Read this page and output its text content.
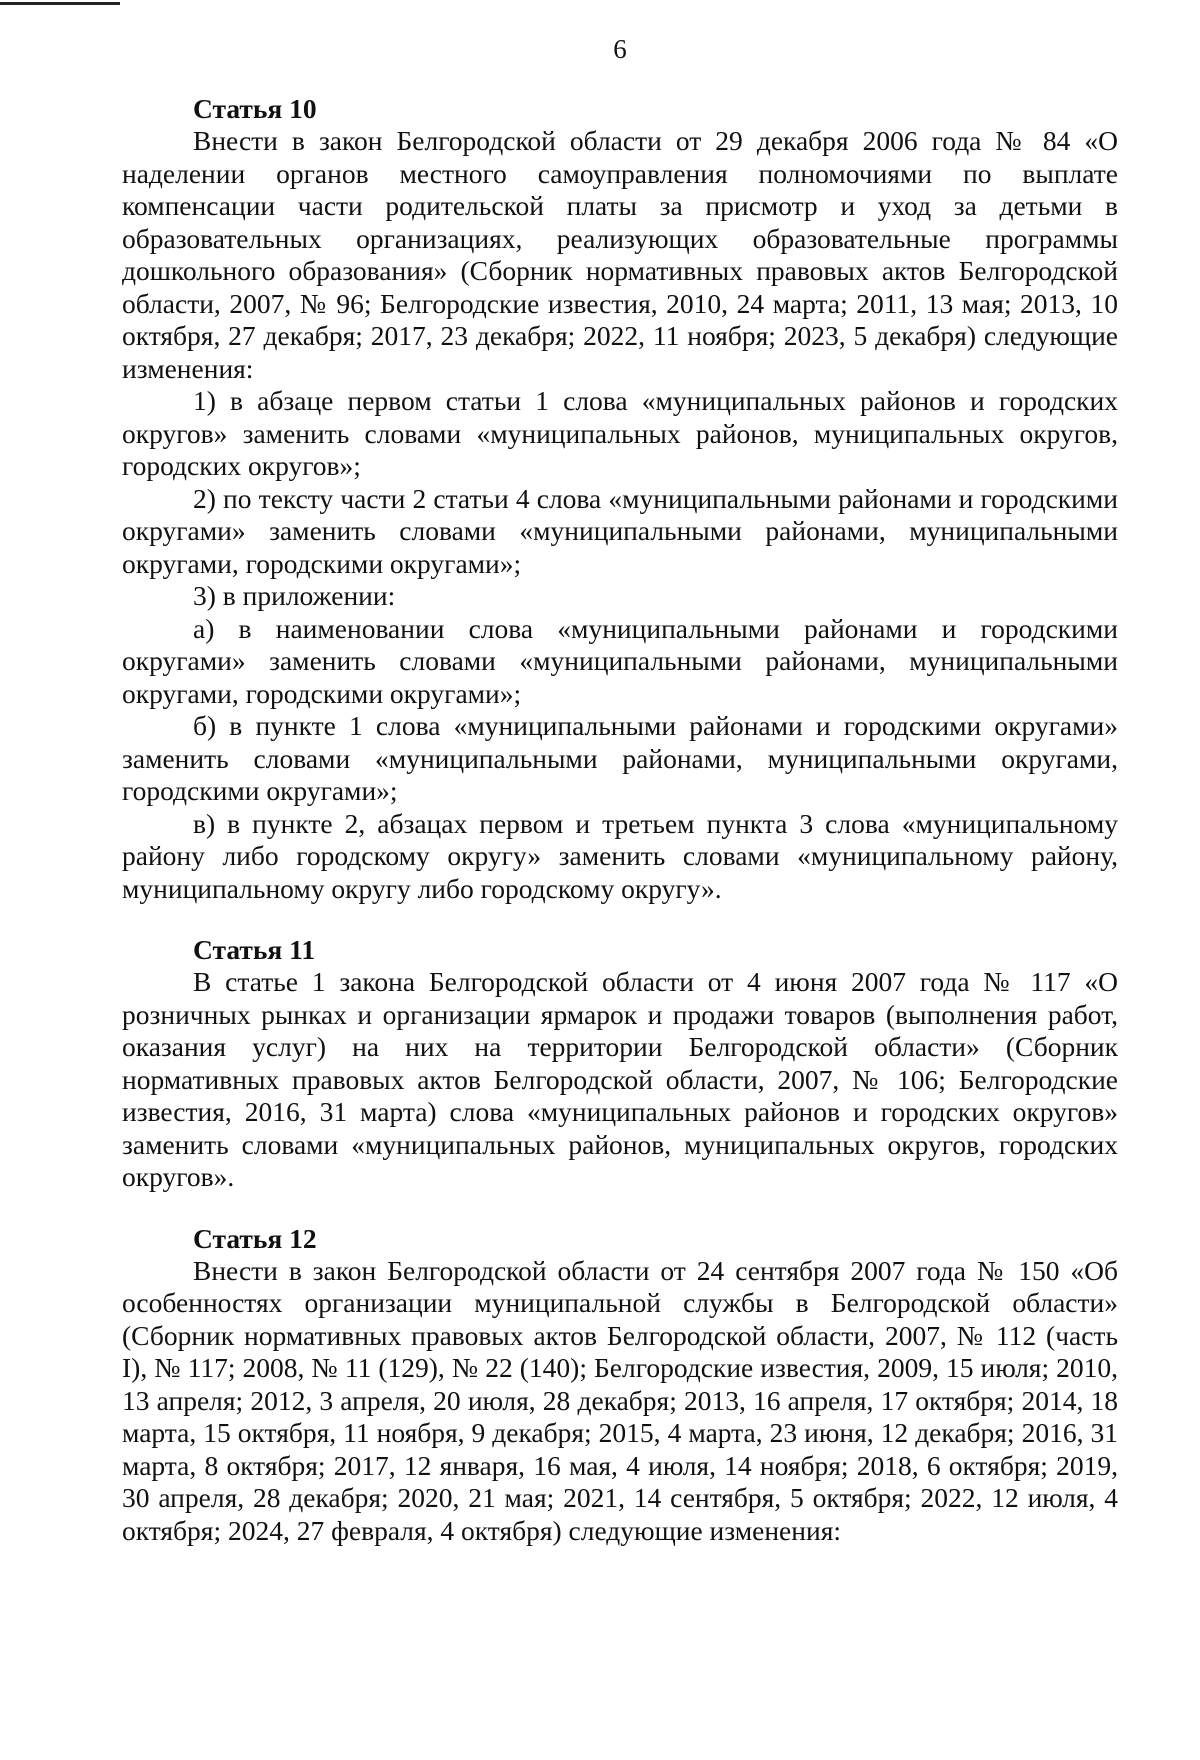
6
Статья 10

Внести в закон Белгородской области от 29 декабря 2006 года № 84 «О наделении органов местного самоуправления полномочиями по выплате компенсации части родительской платы за присмотр и уход за детьми в образовательных организациях, реализующих образовательные программы дошкольного образования» (Сборник нормативных правовых актов Белгородской области, 2007, № 96; Белгородские известия, 2010, 24 марта; 2011, 13 мая; 2013, 10 октября, 27 декабря; 2017, 23 декабря; 2022, 11 ноября; 2023, 5 декабря) следующие изменения:

1) в абзаце первом статьи 1 слова «муниципальных районов и городских округов» заменить словами «муниципальных районов, муниципальных округов, городских округов»;

2) по тексту части 2 статьи 4 слова «муниципальными районами и городскими округами» заменить словами «муниципальными районами, муниципальными округами, городскими округами»;

3) в приложении:

а) в наименовании слова «муниципальными районами и городскими округами» заменить словами «муниципальными районами, муниципальными округами, городскими округами»;

б) в пункте 1 слова «муниципальными районами и городскими округами» заменить словами «муниципальными районами, муниципальными округами, городскими округами»;

в) в пункте 2, абзацах первом и третьем пункта 3 слова «муниципальному району либо городскому округу» заменить словами «муниципальному району, муниципальному округу либо городскому округу».

Статья 11

В статье 1 закона Белгородской области от 4 июня 2007 года № 117 «О розничных рынках и организации ярмарок и продажи товаров (выполнения работ, оказания услуг) на них на территории Белгородской области» (Сборник нормативных правовых актов Белгородской области, 2007, № 106; Белгородские известия, 2016, 31 марта) слова «муниципальных районов и городских округов» заменить словами «муниципальных районов, муниципальных округов, городских округов».

Статья 12

Внести в закон Белгородской области от 24 сентября 2007 года № 150 «Об особенностях организации муниципальной службы в Белгородской области» (Сборник нормативных правовых актов Белгородской области, 2007, № 112 (часть I), № 117; 2008, № 11 (129), № 22 (140); Белгородские известия, 2009, 15 июля; 2010, 13 апреля; 2012, 3 апреля, 20 июля, 28 декабря; 2013, 16 апреля, 17 октября; 2014, 18 марта, 15 октября, 11 ноября, 9 декабря; 2015, 4 марта, 23 июня, 12 декабря; 2016, 31 марта, 8 октября; 2017, 12 января, 16 мая, 4 июля, 14 ноября; 2018, 6 октября; 2019, 30 апреля, 28 декабря; 2020, 21 мая; 2021, 14 сентября, 5 октября; 2022, 12 июля, 4 октября; 2024, 27 февраля, 4 октября) следующие изменения:
